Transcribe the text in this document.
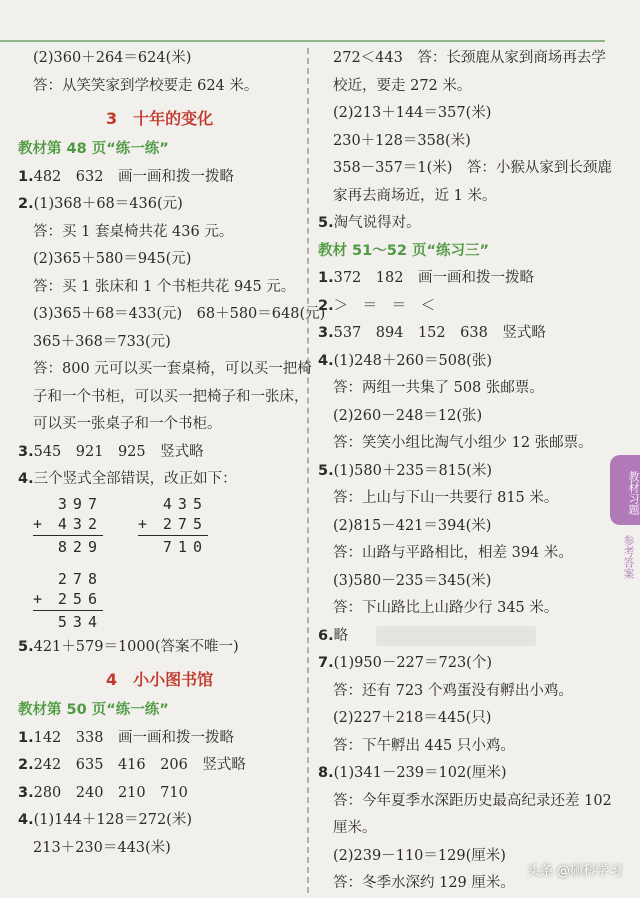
(2)360＋264＝624(米)
答：从笑笑家到学校要走 624 米。
3 十年的变化
教材第 48 页“练一练”
1.482　632　画一画和拨一拨略
2.(1)368＋68＝436(元)
答：买 1 套桌椅共花 436 元。
(2)365＋580＝945(元)
答：买 1 张床和 1 个书柜共花 945 元。
(3)365＋68＝433(元)　68＋580＝648(元)
365＋368＝733(元)
答：800 元可以买一套桌椅，可以买一把椅
子和一个书柜，可以买一把椅子和一张床，
可以买一张桌子和一个书柜。
3.545　921　925　竖式略
4.三个竖式全部错误，改正如下：
397
+ 432
829
435
+ 275
710
278
+ 256
534
5.421＋579＝1000(答案不唯一)
4 小小图书馆
教材第 50 页“练一练”
1.142　338　画一画和拨一拨略
2.242　635　416　206　竖式略
3.280　240　210　710
4.(1)144＋128＝272(米)
213＋230＝443(米)
272＜443　答：长颈鹿从家到商场再去学
校近，要走 272 米。
(2)213＋144＝357(米)
230＋128＝358(米)
358－357＝1(米)　答：小猴从家到长颈鹿
家再去商场近，近 1 米。
5.淘气说得对。
教材 51～52 页“练习三”
1.372　182　画一画和拨一拨略
2.＞　＝　＝　＜
3.537　894　152　638　竖式略
4.(1)248＋260＝508(张)
答：两组一共集了 508 张邮票。
(2)260－248＝12(张)
答：笑笑小组比淘气小组少 12 张邮票。
5.(1)580＋235＝815(米)
答：上山与下山一共要行 815 米。
(2)815－421＝394(米)
答：山路与平路相比，相差 394 米。
(3)580－235＝345(米)
答：下山路比上山路少行 345 米。
6.略
7.(1)950－227＝723(个)
答：还有 723 个鸡蛋没有孵出小鸡。
(2)227＋218＝445(只)
答：下午孵出 445 只小鸡。
8.(1)341－239＝102(厘米)
答：今年夏季水深距历史最高纪录还差 102
厘米。
(2)239－110＝129(厘米)
答：冬季水深约 129 厘米。
教材习题
参考答案
头条 @硕科学习
